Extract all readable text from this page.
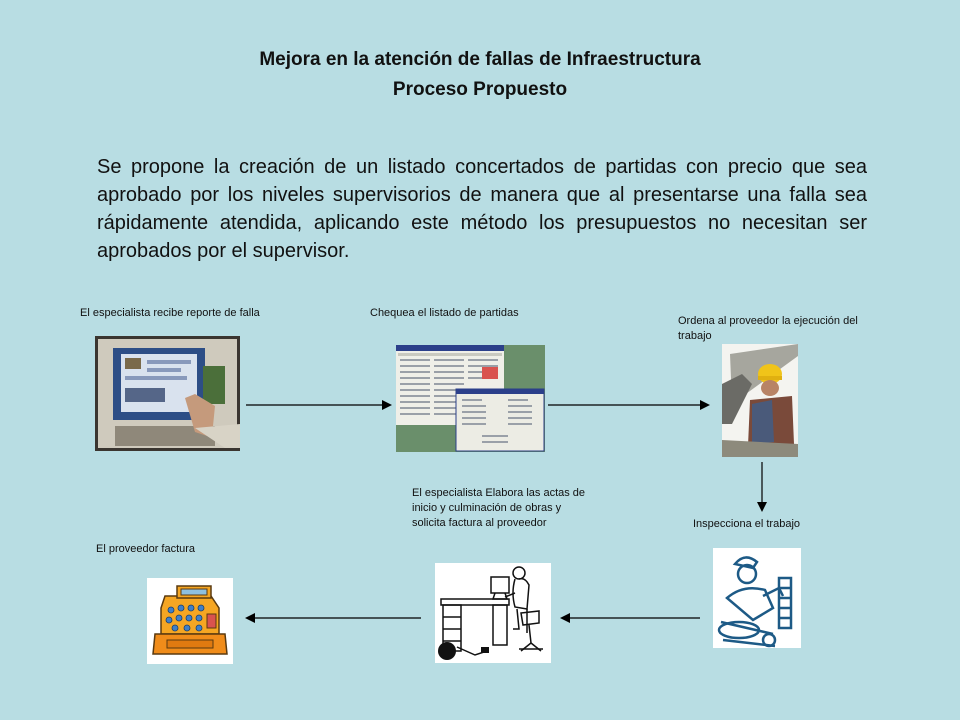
Mejora en la atención de fallas de Infraestructura
Proceso Propuesto
Se propone la creación de un listado concertados de partidas con precio que sea aprobado por los niveles supervisorios de manera que al presentarse una falla sea rápidamente atendida, aplicando este método los presupuestos no necesitan ser aprobados por el supervisor.
El especialista recibe reporte de falla	Chequea el listado de partidas
Ordena al proveedor la ejecución del trabajo
Inspecciona el trabajo
El especialista Elabora las actas de inicio y culminación de obras y solicita factura al proveedor
El proveedor factura
